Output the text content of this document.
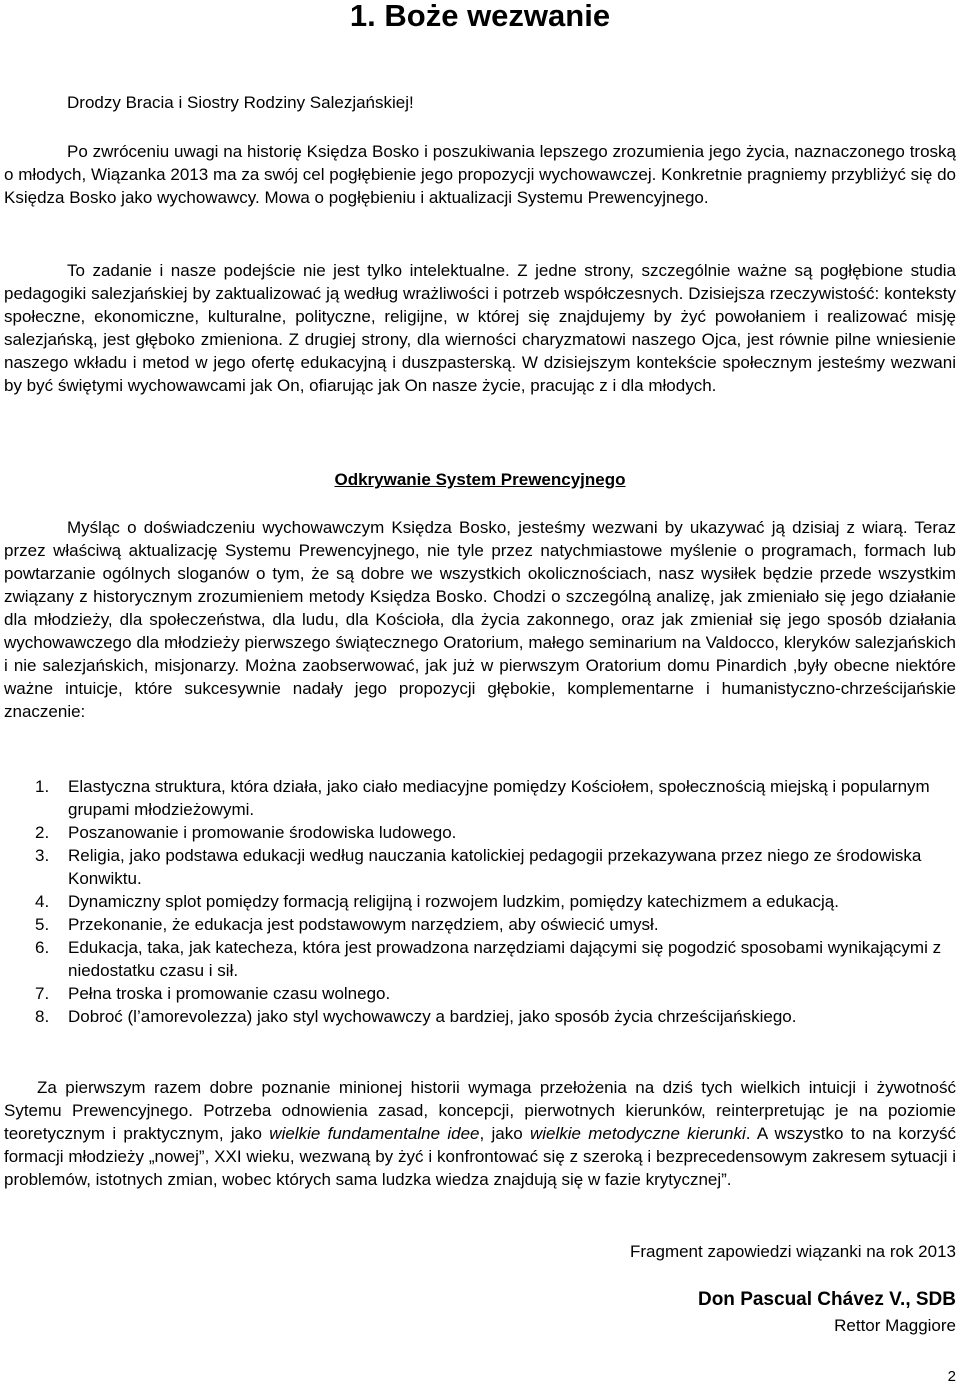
1. Boże wezwanie

Drodzy Bracia i Siostry Rodziny Salezjańskiej!

Po zwróceniu uwagi na historię Księdza Bosko i poszukiwania lepszego zrozumienia jego życia, naznaczonego troską o młodych, Wiązanka 2013 ma za swój cel pogłębienie jego propozycji wychowawczej. Konkretnie pragniemy przybliżyć się do Księdza Bosko jako wychowawcy. Mowa o pogłębieniu i aktualizacji Systemu Prewencyjnego.

To zadanie i nasze podejście nie jest tylko intelektualne. Z jedne strony, szczególnie ważne są pogłębione studia pedagogiki salezjańskiej by zaktualizować ją według wrażliwości i potrzeb współczesnych. Dzisiejsza rzeczywistość: konteksty społeczne, ekonomiczne, kulturalne, polityczne, religijne, w której się znajdujemy by żyć powołaniem i realizować misję salezjańską, jest głęboko zmieniona. Z drugiej strony, dla wierności charyzmatowi naszego Ojca, jest równie pilne wniesienie naszego wkładu i metod w jego ofertę edukacyjną i duszpasterską. W dzisiejszym kontekście społecznym jesteśmy wezwani by być świętymi wychowawcami jak On, ofiarując jak On nasze życie, pracując z i dla młodych.

Odkrywanie System Prewencyjnego

Myśląc o doświadczeniu wychowawczym Księdza Bosko, jesteśmy wezwani by ukazywać ją dzisiaj z wiarą. Teraz przez właściwą aktualizację Systemu Prewencyjnego, nie tyle przez natychmiastowe myślenie o programach, formach lub powtarzanie ogólnych sloganów o tym, że są dobre we wszystkich okolicznościach, nasz wysiłek będzie przede wszystkim związany z historycznym zrozumieniem metody Księdza Bosko. Chodzi o szczególną analizę, jak zmieniało się jego działanie dla młodzieży, dla społeczeństwa, dla ludu, dla Kościoła, dla życia zakonnego, oraz jak zmieniał się jego sposób działania wychowawczego dla młodzieży pierwszego świątecznego Oratorium, małego seminarium na Valdocco, kleryków salezjańskich i nie salezjańskich, misjonarzy. Można zaobserwować, jak już w pierwszym Oratorium domu Pinardich ,były obecne niektóre ważne intuicje, które sukcesywnie nadały jego propozycji głębokie, komplementarne i humanistyczno-chrześcijańskie znaczenie:

1.	Elastyczna struktura, która działa, jako ciało mediacyjne pomiędzy Kościołem, społecznością miejską i popularnym grupami młodzieżowymi.
2.	Poszanowanie i promowanie środowiska ludowego.
3.	Religia, jako podstawa edukacji według nauczania katolickiej pedagogii przekazywana przez niego ze środowiska Konwiktu.
4.	Dynamiczny splot pomiędzy formacją religijną i rozwojem ludzkim, pomiędzy katechizmem a edukacją.
5.	Przekonanie, że edukacja jest podstawowym narzędziem, aby oświecić umysł.
6.	Edukacja, taka, jak katecheza, która jest prowadzona narzędziami dającymi się pogodzić sposobami wynikającymi z niedostatku czasu i sił.
7.	Pełna troska i promowanie czasu wolnego.
8.	Dobroć (l’amorevolezza) jako styl wychowawczy a bardziej, jako sposób życia chrześcijańskiego.

Za pierwszym razem dobre poznanie minionej historii wymaga przełożenia na dziś tych wielkich intuicji i żywotność Sytemu Prewencyjnego. Potrzeba odnowienia zasad, koncepcji, pierwotnych kierunków, reinterpretując je na poziomie teoretycznym i praktycznym, jako wielkie fundamentalne idee, jako wielkie metodyczne kierunki. A wszystko to na korzyść formacji młodzieży „nowej”, XXI wieku, wezwaną by żyć i konfrontować się z szeroką i bezprecedensowym zakresem sytuacji i problemów, istotnych zmian, wobec których sama ludzka wiedza znajdują się w fazie krytycznej”.

Fragment zapowiedzi wiązanki na rok 2013
Don Pascual Chávez V., SDB
Rettor Maggiore
2
